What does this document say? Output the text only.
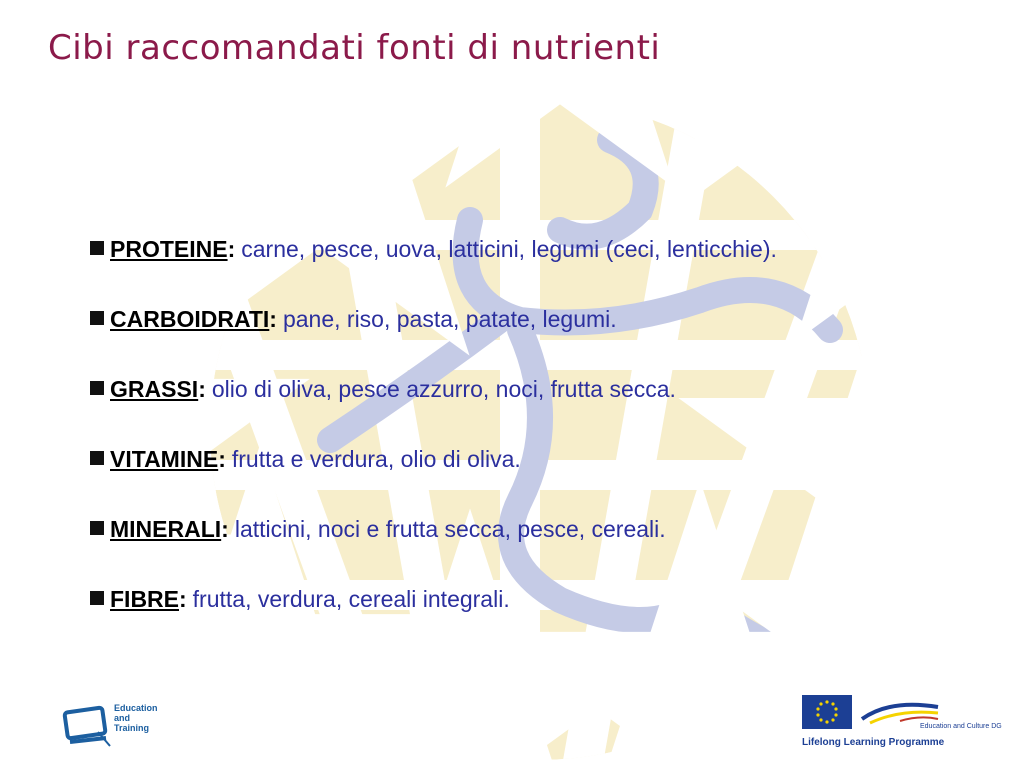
Cibi raccomandati fonti di nutrienti
PROTEINE: carne, pesce, uova, latticini, legumi (ceci, lenticchie).
CARBOIDRATI: pane, riso, pasta, patate, legumi.
GRASSI: olio di oliva, pesce azzurro, noci, frutta secca.
VITAMINE: frutta e verdura, olio di oliva.
MINERALI: latticini, noci e frutta secca, pesce, cereali.
FIBRE: frutta, verdura, cereali integrali.
Education
and
Training	Education and Culture DG
Lifelong Learning Programme
